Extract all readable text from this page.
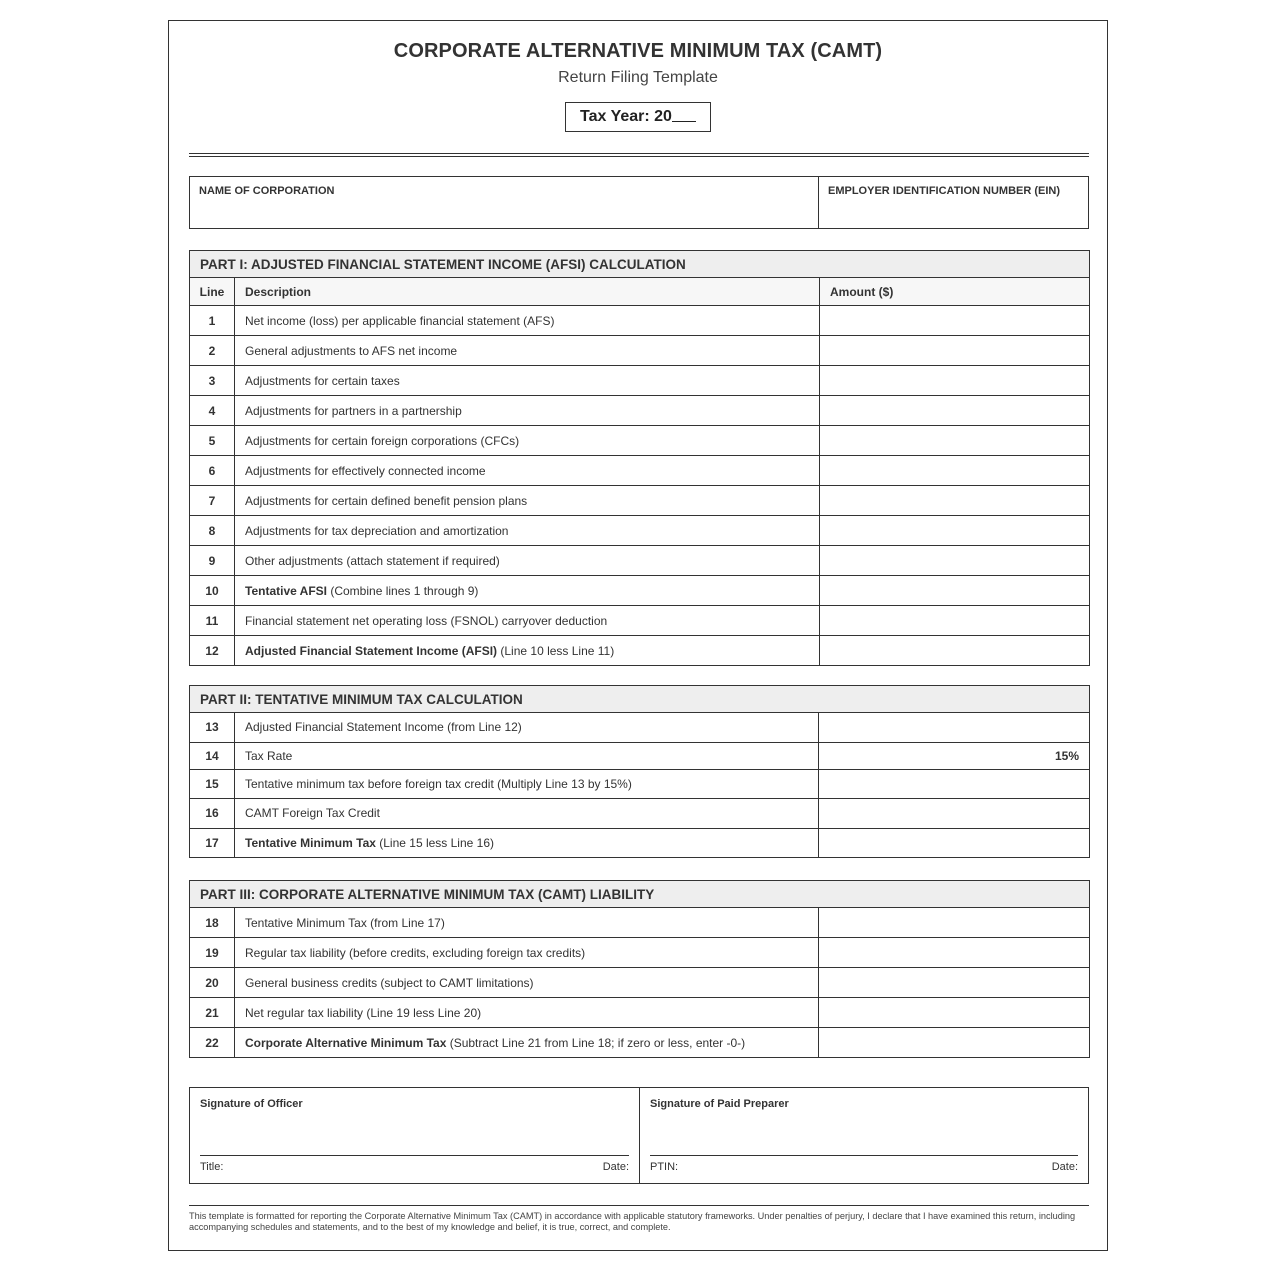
CORPORATE ALTERNATIVE MINIMUM TAX (CAMT)
Return Filing Template
Tax Year: 20
NAME OF CORPORATION	EMPLOYER IDENTIFICATION NUMBER (EIN)
PART I: ADJUSTED FINANCIAL STATEMENT INCOME (AFSI) CALCULATION		
Line	Description	Amount ($)
1	Net income (loss) per applicable financial statement (AFS)	
2	General adjustments to AFS net income	
3	Adjustments for certain taxes	
4	Adjustments for partners in a partnership	
5	Adjustments for certain foreign corporations (CFCs)	
6	Adjustments for effectively connected income	
7	Adjustments for certain defined benefit pension plans	
8	Adjustments for tax depreciation and amortization	
9	Other adjustments (attach statement if required)	
10	Tentative AFSI (Combine lines 1 through 9)	
11	Financial statement net operating loss (FSNOL) carryover deduction	
12	Adjusted Financial Statement Income (AFSI) (Line 10 less Line 11)	
PART II: TENTATIVE MINIMUM TAX CALCULATION		
13	Adjusted Financial Statement Income (from Line 12)	
14	Tax Rate	15%
15	Tentative minimum tax before foreign tax credit (Multiply Line 13 by 15%)	
16	CAMT Foreign Tax Credit	
17	Tentative Minimum Tax (Line 15 less Line 16)	
PART III: CORPORATE ALTERNATIVE MINIMUM TAX (CAMT) LIABILITY		
18	Tentative Minimum Tax (from Line 17)	
19	Regular tax liability (before credits, excluding foreign tax credits)	
20	General business credits (subject to CAMT limitations)	
21	Net regular tax liability (Line 19 less Line 20)	
22	Corporate Alternative Minimum Tax (Subtract Line 21 from Line 18; if zero or less, enter -0-)	
Signature of Officer
Title:	Date:
Signature of Paid Preparer
PTIN:	Date:
This template is formatted for reporting the Corporate Alternative Minimum Tax (CAMT) in accordance with applicable statutory frameworks. Under penalties of perjury, I declare that I have examined this return, including accompanying schedules and statements, and to the best of my knowledge and belief, it is true, correct, and complete.
